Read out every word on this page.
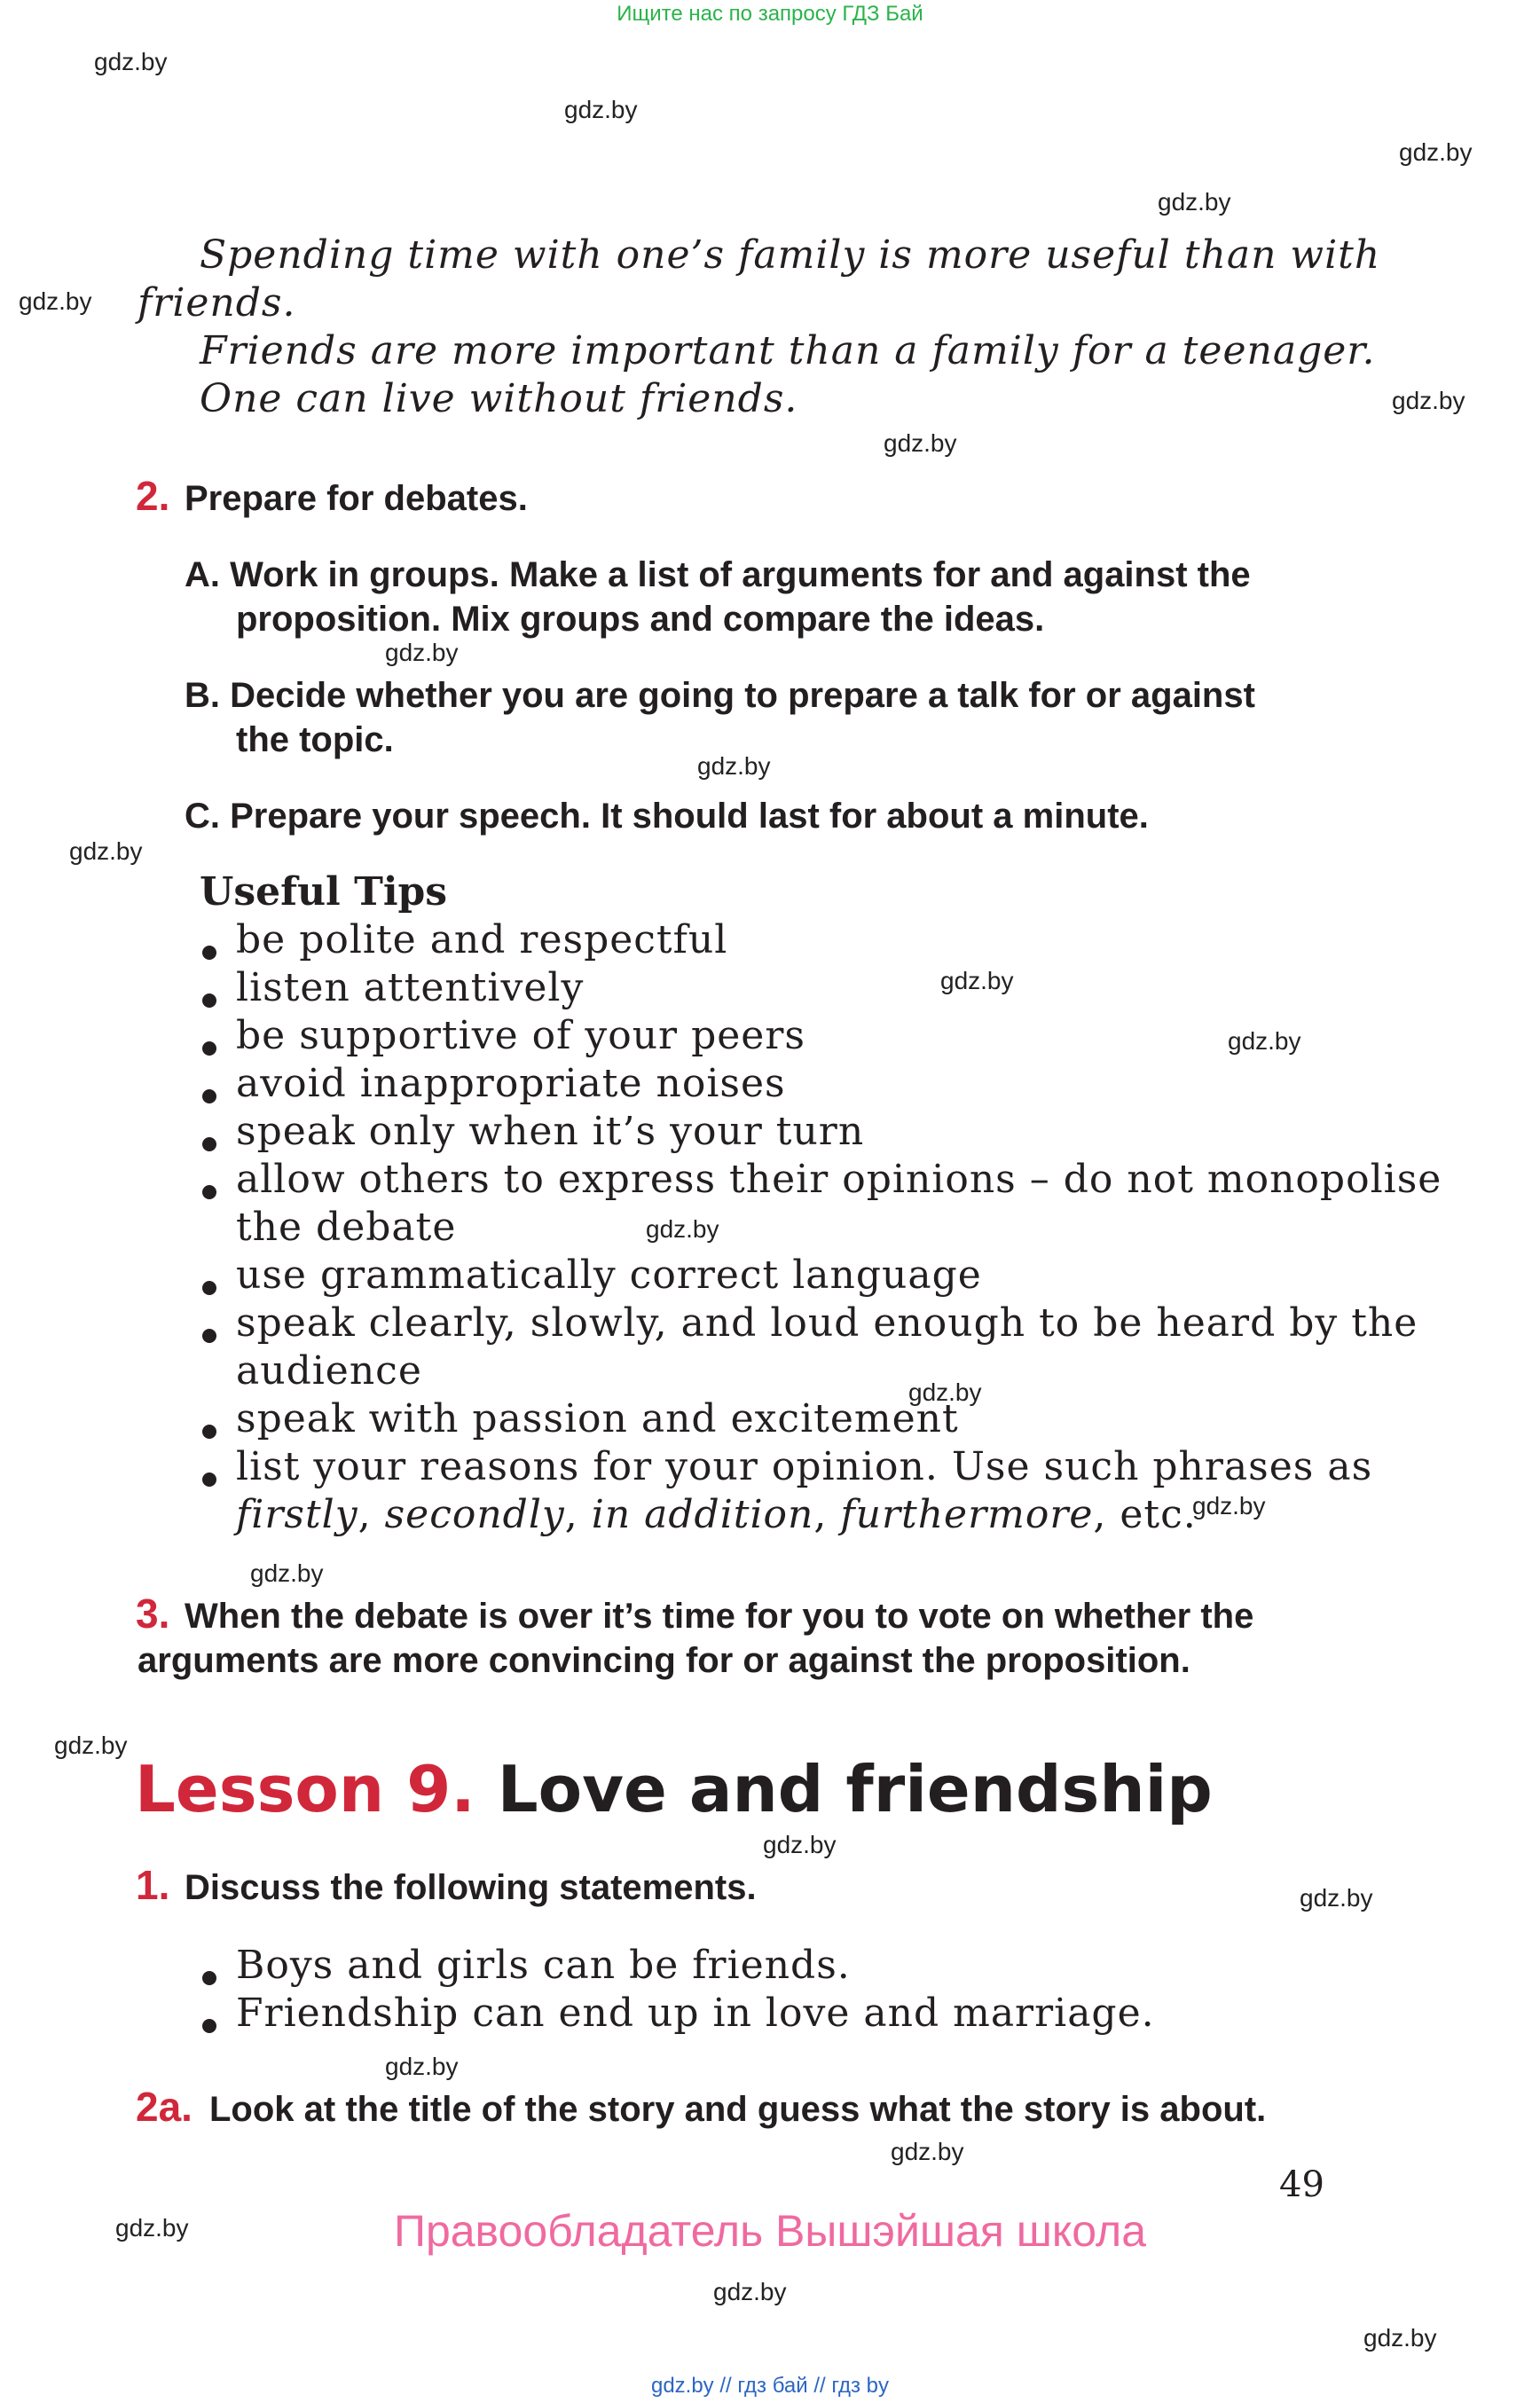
Ищите нас по запросу ГДЗ Бай
gdz.by
gdz.by
gdz.by
gdz.by
gdz.by
gdz.by
gdz.by
gdz.by
gdz.by
gdz.by
gdz.by
gdz.by
gdz.by
gdz.by
gdz.by
gdz.by
gdz.by
gdz.by
gdz.by
gdz.by
gdz.by
gdz.by
gdz.by
gdz.by
Spending time with one’s family is more useful than with
friends.
Friends are more important than a family for a teenager.
One can live without friends.
2. Prepare for debates.
A. Work in groups. Make a list of arguments for and against the
proposition. Mix groups and compare the ideas.
B. Decide whether you are going to prepare a talk for or against
the topic.
C. Prepare your speech. It should last for about a minute.
Useful Tips
be polite and respectful
listen attentively
be supportive of your peers
avoid inappropriate noises
speak only when it’s your turn
allow others to express their opinions – do not monopolise
the debate
use grammatically correct language
speak clearly, slowly, and loud enough to be heard by the
audience
speak with passion and excitement
list your reasons for your opinion. Use such phrases as
firstly, secondly, in addition, furthermore, etc.
3. When the debate is over it’s time for you to vote on whether the
arguments are more convincing for or against the proposition.
Lesson 9. Love and friendship
1. Discuss the following statements.
Boys and girls can be friends.
Friendship can end up in love and marriage.
2a. Look at the title of the story and guess what the story is about.
49
Правообладатель Вышэйшая школа
gdz.by // гдз бай // гдз by
